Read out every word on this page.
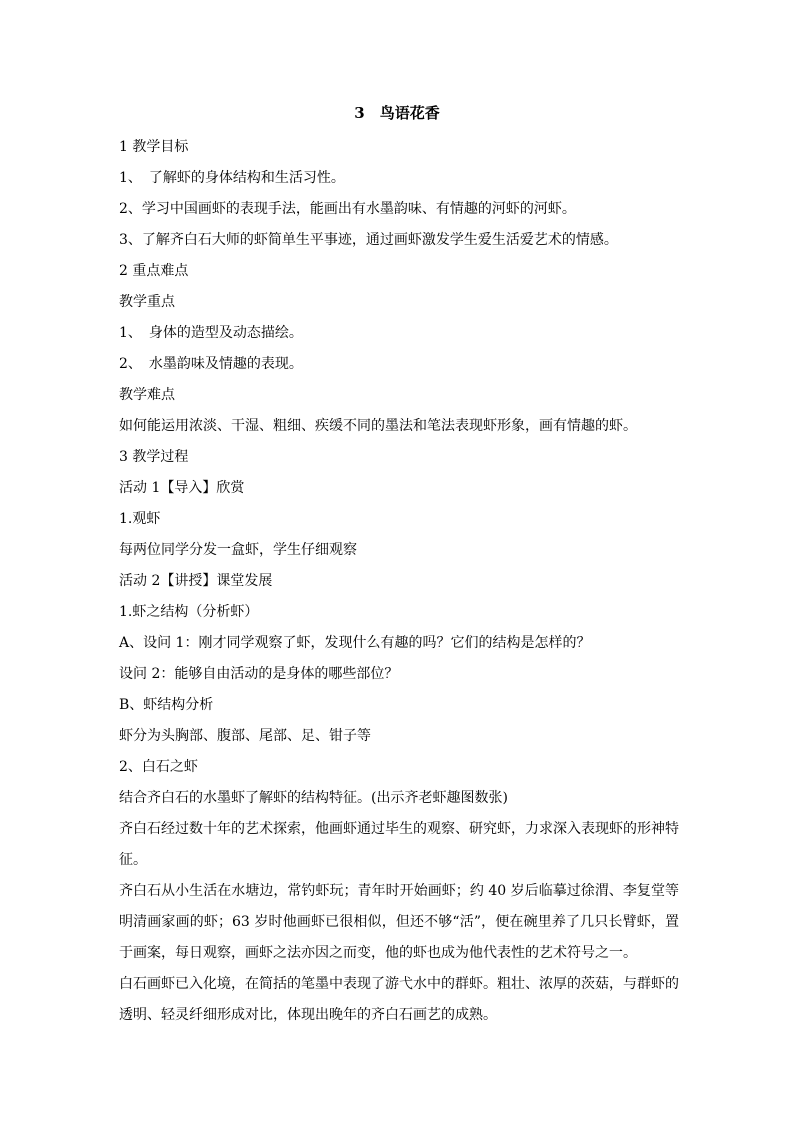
3　鸟语花香
1 教学目标
1、　了解虾的身体结构和生活习性。
2、学习中国画虾的表现手法，能画出有水墨韵味、有情趣的河虾的河虾。
3、了解齐白石大师的虾简单生平事迹，通过画虾激发学生爱生活爱艺术的情感。
2 重点难点
教学重点
1、　身体的造型及动态描绘。
2、　水墨韵味及情趣的表现。
教学难点
如何能运用浓淡、干湿、粗细、疾缓不同的墨法和笔法表现虾形象，画有情趣的虾。
3 教学过程
活动 1【导入】欣赏
1.观虾
每两位同学分发一盒虾，学生仔细观察
活动 2【讲授】课堂发展
1.虾之结构（分析虾）
A、设问 1：刚才同学观察了虾，发现什么有趣的吗？它们的结构是怎样的？
设问 2：能够自由活动的是身体的哪些部位？
B、虾结构分析
虾分为头胸部、腹部、尾部、足、钳子等
2、白石之虾
结合齐白石的水墨虾了解虾的结构特征。(出示齐老虾趣图数张)
齐白石经过数十年的艺术探索，他画虾通过毕生的观察、研究虾，力求深入表现虾的形神特征。
齐白石从小生活在水塘边，常钓虾玩；青年时开始画虾；约 40 岁后临摹过徐渭、李复堂等明清画家画的虾；63 岁时他画虾已很相似，但还不够“活”，便在碗里养了几只长臂虾，置于画案，每日观察，画虾之法亦因之而变，他的虾也成为他代表性的艺术符号之一。
白石画虾已入化境，在简括的笔墨中表现了游弋水中的群虾。粗壮、浓厚的茨菇，与群虾的透明、轻灵纤细形成对比，体现出晚年的齐白石画艺的成熟。
